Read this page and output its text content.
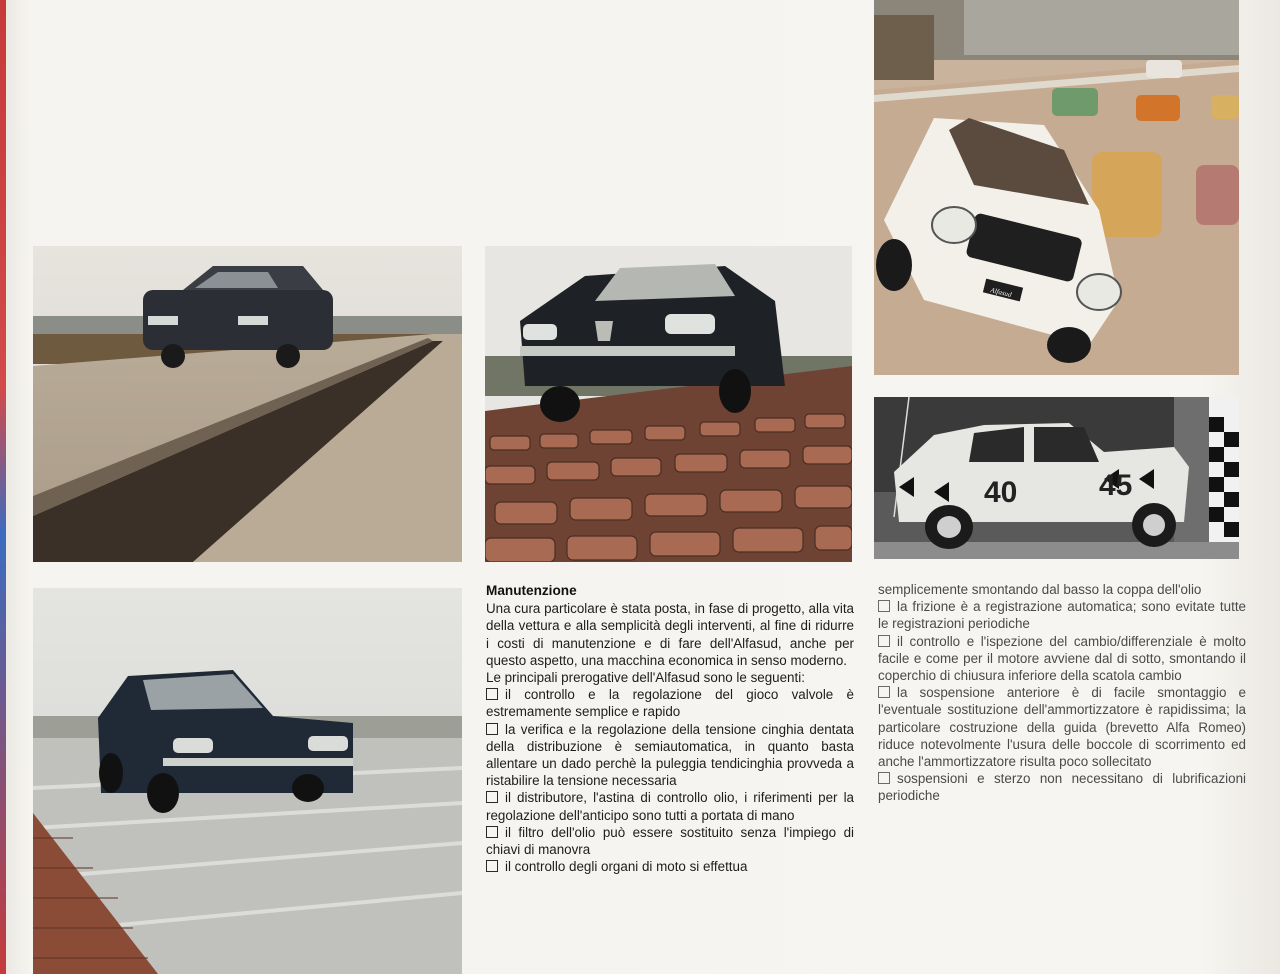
Alfasud
40	45
Manutenzione
Una cura particolare è stata posta, in fase di progetto, alla vita della vettura e alla semplicità degli interventi, al fine di ridurre i costi di manutenzione e di fare dell'Alfasud, anche per questo aspetto, una macchina economica in senso moderno.
Le principali prerogative dell'Alfasud sono le seguenti:
il controllo e la regolazione del gioco valvole è estremamente semplice e rapido
la verifica e la regolazione della tensione cinghia dentata della distribuzione è semiautomatica, in quanto basta allentare un dado perchè la puleggia tendicinghia provveda a ristabilire la tensione necessaria
il distributore, l'astina di controllo olio, i riferimenti per la regolazione dell'anticipo sono tutti a portata di mano
il filtro dell'olio può essere sostituito senza l'impiego di chiavi di manovra
il controllo degli organi di moto si effettua
semplicemente smontando dal basso la coppa dell'olio
la frizione è a registrazione automatica; sono evitate tutte le registrazioni periodiche
il controllo e l'ispezione del cambio/differenziale è molto facile e come per il motore avviene dal di sotto, smontando il coperchio di chiusura inferiore della scatola cambio
la sospensione anteriore è di facile smontaggio e l'eventuale sostituzione dell'ammortizzatore è rapidissima; la particolare costruzione della guida (brevetto Alfa Romeo) riduce notevolmente l'usura delle boccole di scorrimento ed anche l'ammortizzatore risulta poco sollecitato
sospensioni e sterzo non necessitano di lubrificazioni periodiche
